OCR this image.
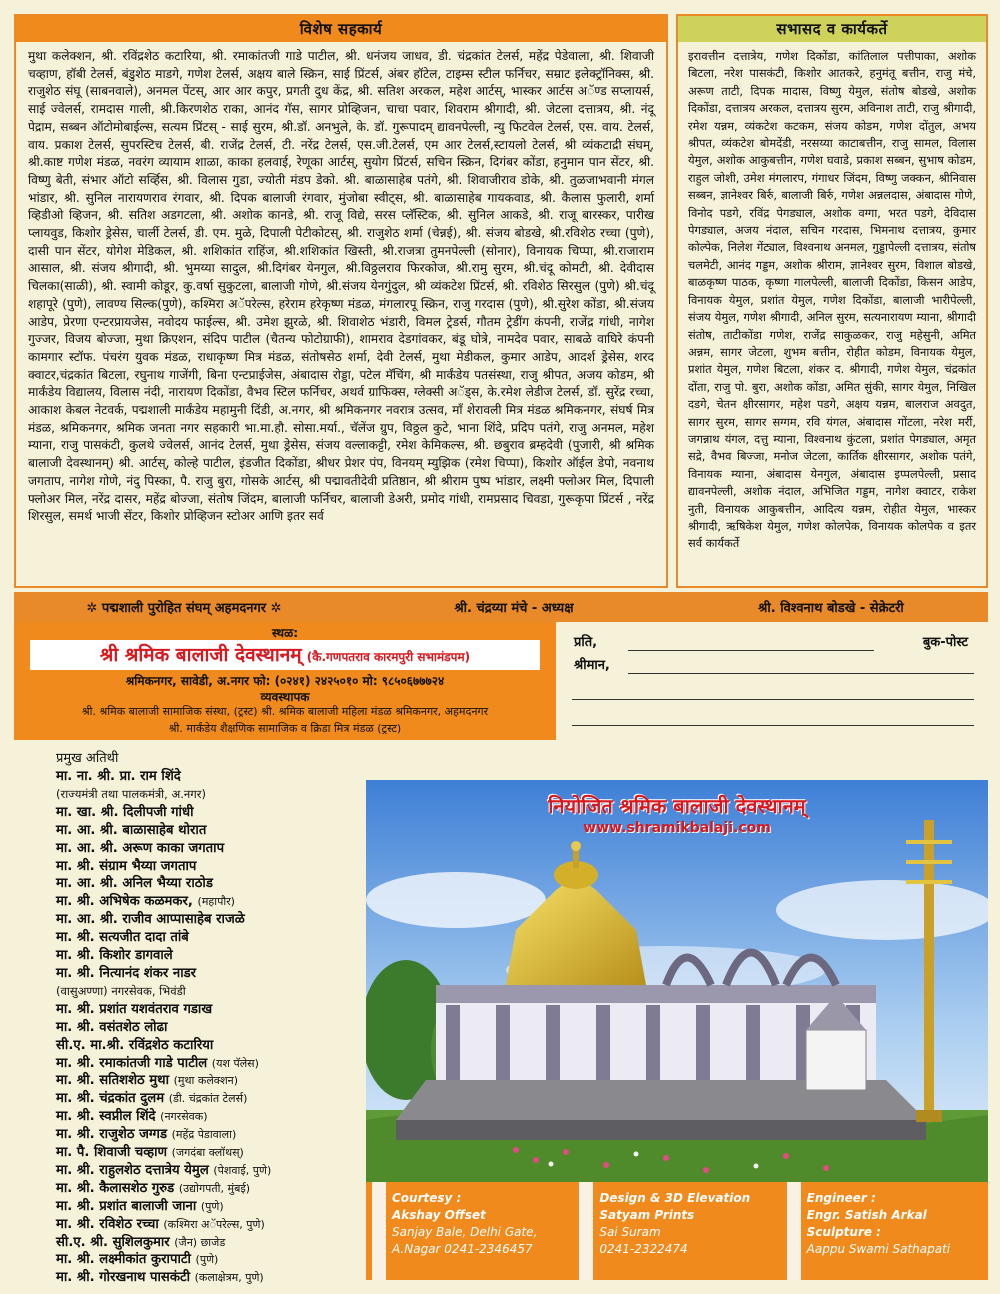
विशेष सहकार्य
मुथा कलेक्शन, श्री. रविंद्रशेठ कटारिया, श्री. रमाकांतजी गाडे पाटील, श्री. धनंजय जाधव, डी. चंद्रकांत टेलर्स, महेंद्र पेडेवाला, श्री. शिवाजी चव्हाण, हॉबी टेलर्स, बंडुशेठ माडगे, गणेश टेलर्स, अक्षय बाले स्क्रिन, साई प्रिंटर्स, अंबर हॉटेल, टाइम्स स्टील फर्निचर, सम्राट इलेक्ट्रॉनिक्स, श्री. राजुशेठ संघू (साबनवाले), अनमल पेंटस्, आर आर कपुर, प्रगती दुध केंद्र, श्री. सतिश अरकल, महेश आर्टस्, भास्कर आर्टस अॅण्ड सप्लायर्स, साई ज्वेलर्स, रामदास गाली, श्री.किरणशेठ राका, आनंद गॅस, सागर प्रोव्हिजन, चाचा पवार, शिवराम श्रीगादी, श्री. जेटला दत्तात्रय, श्री. नंदू पेद्राम, सब्बन ऑटोमोबाईल्स, सत्यम प्रिंटस् - साई सुरम, श्री.डॉ. अनभुले, के. डॉ. गुरूपादम् द्यावनपेल्ली, न्यु फिटवेल टेलर्स, एस. वाय. टेलर्स, वाय. प्रकाश टेलर्स, सुपरस्टिच टेलर्स, बी. राजेंद्र टेलर्स, टी. नरेंद्र टेलर्स, एस.जी.टेलर्स, एम आर टेलर्स,स्टायलो टेलर्स, श्री व्यंकटाद्री संघम्, श्री.काष्ट गणेश मंडळ, नवरंग व्यायाम शाळा, काका हलवाई, रेणूका आर्टस्, सुयोग प्रिंटर्स, सचिन स्क्रिन, दिगंबर कोंडा, हनुमान पान सेंटर, श्री. विष्णु बेती, संभार ऑटो सर्व्हिस, श्री. विलास गुडा, ज्योती मंडप डेको. श्री. बाळासाहेब पतंगे, श्री. शिवाजीराव डोके, श्री. तुळजाभवानी मंगल भांडार, श्री. सुनिल नारायणराव रंगवार, श्री. दिपक बालाजी रंगवार, मुंजोबा स्वीट्स, श्री. बाळासाहेब गायकवाड, श्री. कैलास फुलारी, शर्मा व्हिडीओ व्हिजन, श्री. सतिश अडगटला, श्री. अशोक कानडे, श्री. राजू विद्ये, सरस प्लॅस्टिक, श्री. सुनिल आकडे, श्री. राजू बारस्कर, पारीख प्लायवुड, किशोर ड्रेसेस, चार्ली टेलर्स, डी. एम. मुळे, दिपाली पेटीकोटस्, श्री. राजुशेठ शर्मा (चेन्नई), श्री. संजय बोडखे, श्री.रविशेठ रच्चा (पुणे), दासी पान सेंटर, योगेश मेडिकल, श्री. शशिकांत राहिंज, श्री.शशिकांत खिस्ती, श्री.राजत्रा तुमनपेल्ली (सोनार), विनायक चिप्पा, श्री.राजाराम आसाल, श्री. संजय श्रीगादी, श्री. भुमय्या सादुल, श्री.दिगंबर येनगुल, श्री.विठ्ठलराव फिरकोज, श्री.रामु सुरम, श्री.चंदू कोमटी, श्री. देवीदास चिलका(साळी), श्री. स्वामी कोडूर, कु.वर्षा सुकुटला, बालाजी गोणे, श्री.संजय येनगुंदुल, श्री व्यंकटेश प्रिंटर्स, श्री. रविशेठ सिरसुल (पुणे) श्री.चंदू शहापूरे (पुणे), लावण्य सिल्क(पुणे), कश्मिरा अॅपरेल्स, हरेराम हरेकृष्ण मंडळ, मंगलारपू स्क्रिन, राजु गरदास (पुणे), श्री.सुरेश कोंडा, श्री.संजय आडेप, प्रेरणा एन्टरप्रायजेस, नवोदय फाईल्स, श्री. उमेश झुरळे, श्री. शिवाशेठ भंडारी, विमल ट्रेडर्स, गौतम ट्रेडींग कंपनी, राजेंद्र गांधी, नागेश गुज्जर, विजय बोज्जा, मुथा क्रिएशन, संदिप पाटील (चैतन्य फोटोग्राफी), शामराव देडगांवकर, बंडू घोत्रे, नामदेव पवार, साबळे वाघिरे कंपनी कामगार स्टॉफ. पंचरंग युवक मंडळ, राधाकृष्ण मित्र मंडळ, संतोषसेठ शर्मा, देवी टेलर्स, मुथा मेडीकल, कुमार आडेप, आदर्श ड्रेसेस, शरद क्वाटर,चंद्रकांत बिटला, रघुनाथ गाजेंगी, बिना एन्टप्राईजेस, अंबादास रोड्डा, पटेल मॅचिंग, श्री मार्कंडेय पतसंस्था, राजु श्रीपत, अजय कोडम, श्री मार्कंडेय विद्यालय, विलास नंदी, नारायण दिकोंडा, वैभव स्टिल फर्निचर, अथर्व ग्राफिक्स, ग्लेक्सी अॅड्स, के.रमेश लेडीज टेलर्स, डॉ. सुरेंद्र रच्चा, आकाश केबल नेटवर्क, पद्मशाली मार्कंडेय महामुनी दिंडी, अ.नगर, श्री श्रमिकनगर नवरात्र उत्सव, माँ शेरावली मित्र मंडळ श्रमिकनगर, संघर्ष मित्र मंडळ, श्रमिकनगर, श्रमिक जनता नगर सहकारी भा.मा.हौ. सोसा.मर्या., चॅलेंज ग्रुप, विठ्ठल कुटे, भाना शिंदे, प्रदिप पतंगे, राजु अनमल, महेश म्याना, राजु पासकंटी, कुलथे ज्वेलर्स, आनंद टेलर्स, मुथा ड्रेसेस, संजय वल्लाकट्टी, रमेश केमिकल्स, श्री. छबुराव ब्रम्हदेवी (पुजारी, श्री श्रमिक बालाजी देवस्थानम्) श्री. आर्टस्, कोल्हे पाटील, इंडजीत दिकोंडा, श्रीधर प्रेशर पंप, विनयम् म्युझिक (रमेश चिप्पा), किशोर ऑईल डेपो, नवनाथ जगताप, नागेश गोणे, नंदु पिस्का, पै. राजु बुरा, गोसके आर्टस्, श्री पद्मावतीदेवी प्रतिष्ठान, श्री श्रीराम पुष्प भांडार, लक्ष्मी फ्लोअर मिल, दिपाली फ्लोअर मिल, नरेंद्र दासर, महेंद्र बोज्जा, संतोष जिंदम, बालाजी फर्निचर, बालाजी डेअरी, प्रमोद गांधी, रामप्रसाद चिवडा, गुरूकृपा प्रिंटर्स , नरेंद्र शिरसुल, समर्थ भाजी सेंटर, किशोर प्रोव्हिजन स्टोअर आणि इतर सर्व
सभासद व कार्यकर्ते
इरावत्तीन दत्तात्रेय, गणेश दिकोंडा, कांतिलाल पत्तीपाका, अशोक बिटला, नरेश पासकंटी, किशोर आतकरे, हनुमंतू बत्तीन, राजु मंचे, अरूण ताटी, दिपक मादास, विष्णु येमुल, संतोष बोडखे, अशोक दिकोंडा, दत्तात्रय अरकल, दत्तात्रय सुरम, अविनाश ताटी, राजु श्रीगादी, रमेश यन्नम, व्यंकटेश कटकम, संजय कोडम, गणेश दोंतुल, अभय श्रीपत, व्यंकटेश बोमदेंडी, नरसय्या काटाबत्तीन, राजु सामल, विलास येमुल, अशोक आकुबत्तीन, गणेश घवाडे, प्रकाश सब्बन, सुभाष कोडम, राहुल जोशी, उमेश मंगलारप, गंगाधर जिंदम, विष्णु जक्कन, श्रीनिवास सब्बन, ज्ञानेश्वर बिर्रु, बालाजी बिर्रु, गणेश अन्नलदास, अंबादास गोणे, विनोद पडगे, रविंद्र पेगड्याल, अशोक वग्गा, भरत पडगे, देविदास पेगड्याल, अजय नंदाल, सचिन गरदास, भिमनाथ दत्तात्रय, कुमार कोल्पेक, निलेश गेंट्याल, विश्वनाथ अनमल, गुड्डापेल्ली दत्तात्रय, संतोष चलमेटी, आनंद गड्डम, अशोक श्रीराम, ज्ञानेश्वर सुरम, विशाल बोडखे, बाळकृष्ण पाठक, कृष्णा गालपेल्ली, बालाजी दिकोंडा, किसन आडेप, विनायक येमुल, प्रशांत येमुल, गणेश दिकोंडा, बालाजी भारीपेल्ली, संजय येमुल, गणेश श्रीगादी, अनिल सुरम, सत्यनारायण म्याना, श्रीगादी संतोष, ताटीकोंडा गणेश, राजेंद्र साकुळकर, राजु महेसुनी, अमित अन्नम, सागर जेटला, शुभम बत्तीन, रोहीत कोडम, विनायक येमुल, प्रशांत येमुल, गणेश बिटला, शंकर द. श्रीगादी, गणेश येमुल, चंद्रकांत दोंता, राजु पो. बुरा, अशोक कोंडा, अमित सुंकी, सागर येमुल, निखिल दडगे, चेतन क्षीरसागर, महेश पडगे, अक्षय यन्नम, बालराज अवदुत, सागर सुरम, सागर सग्गम, रवि यंगल, अंबादास गोंटला, नरेश मर्री, जगन्नाथ यंगल, दत्तु म्याना, विश्वनाथ कुंटला, प्रशांत पेगड्याल, अमृत सद्रे, वैभव बिज्जा, मनोज जेटला, कार्तिक क्षीरसागर, अशोक पतंगे, विनायक म्याना, अंबादास येनगुल, अंबादास इप्पलपेल्ली, प्रसाद द्यावनपेल्ली, अशोक नंदाल, अभिजित गड्डम, नागेश क्वाटर, राकेश नुती, विनायक आकुबत्तीन, आदित्य यन्नम, रोहीत येमुल, भास्कर श्रीगादी, ऋषिकेश येमुल, गणेश कोलपेक, विनायक कोलपेक व इतर सर्व कार्यकर्ते
✲ पद्मशाली पुरोहित संघम् अहमदनगर ✲	श्री. चंद्रय्या मंचे - अध्यक्ष	श्री. विश्वनाथ बोडखे - सेक्रेटरी
स्थळ:
श्री श्रमिक बालाजी देवस्थानम् (कै.गणपतराव कारमपुरी सभामंडपम)
श्रमिकनगर, सावेडी, अ.नगर फो: (०२४१) २४२५०१० मो: ९८५०६७७७२४
व्यवस्थापक
श्री. श्रमिक बालाजी सामाजिक संस्था, (ट्रस्ट) श्री. श्रमिक बालाजी महिला मंडळ श्रमिकनगर, अहमदनगर
श्री. मार्कंडेय शैक्षणिक सामाजिक व क्रिडा मित्र मंडळ (ट्रस्ट)
प्रति,	बुक-पोस्ट
श्रीमान,
प्रमुख अतिथी
मा. ना. श्री. प्रा. राम शिंदे
(राज्यमंत्री तथा पालकमंत्री, अ.नगर)
मा. खा. श्री. दिलीपजी गांधी
मा. आ. श्री. बाळासाहेब थोरात
मा. आ. श्री. अरूण काका जगताप
मा. श्री. संग्राम भैय्या जगताप
मा. आ. श्री. अनिल भैय्या राठोड
मा. श्री. अभिषेक कळमकर, (महापौर)
मा. आ. श्री. राजीव आप्पासाहेब राजळे
मा. श्री. सत्यजीत दादा तांबे
मा. श्री. किशोर डागवाले
मा. श्री. नित्यानंद शंकर नाडर
(वासुअण्णा) नगरसेवक, भिवंडी
मा. श्री. प्रशांत यशवंतराव गडाख
मा. श्री. वसंतशेठ लोढा
सी.ए. मा.श्री. रविंद्रशेठ कटारिया
मा. श्री. रमाकांतजी गाडे पाटील (यश पॅलेस)
मा. श्री. सतिशशेठ मुथा (मुथा कलेक्शन)
मा. श्री. चंद्रकांत दुलम (डी. चंद्रकांत टेलर्स)
मा. श्री. स्वप्नील शिंदे (नगरसेवक)
मा. श्री. राजुशेठ जग्गड (महेंद्र पेडावाला)
मा. पै. शिवाजी चव्हाण (जगदंबा क्लॉथस्)
मा. श्री. राहुलशेठ दत्तात्रेय येमुल (पेशवाई, पुणे)
मा. श्री. कैलासशेठ गुरुड (उद्योगपती, मुंबई)
मा. श्री. प्रशांत बालाजी जाना (पुणे)
मा. श्री. रविशेठ रच्चा (कश्मिरा अॅपरेल्स, पुणे)
सी.ए. श्री. सुशिलकुमार (जैन) छाजेड
मा. श्री. लक्ष्मीकांत कुरापाटी (पुणे)
मा. श्री. गोरखनाथ पासकंटी (कलाक्षेत्रम, पुणे)
नियोजित श्रमिक बालाजी देवस्थानम्
www.shramikbalaji.com
Courtesy :
Akshay Offset
Sanjay Bale, Delhi Gate,
A.Nagar 0241-2346457
Design & 3D Elevation
Satyam Prints
Sai Suram
0241-2322474
Engineer :
Engr. Satish Arkal
Sculpture :
Aappu Swami Sathapati
